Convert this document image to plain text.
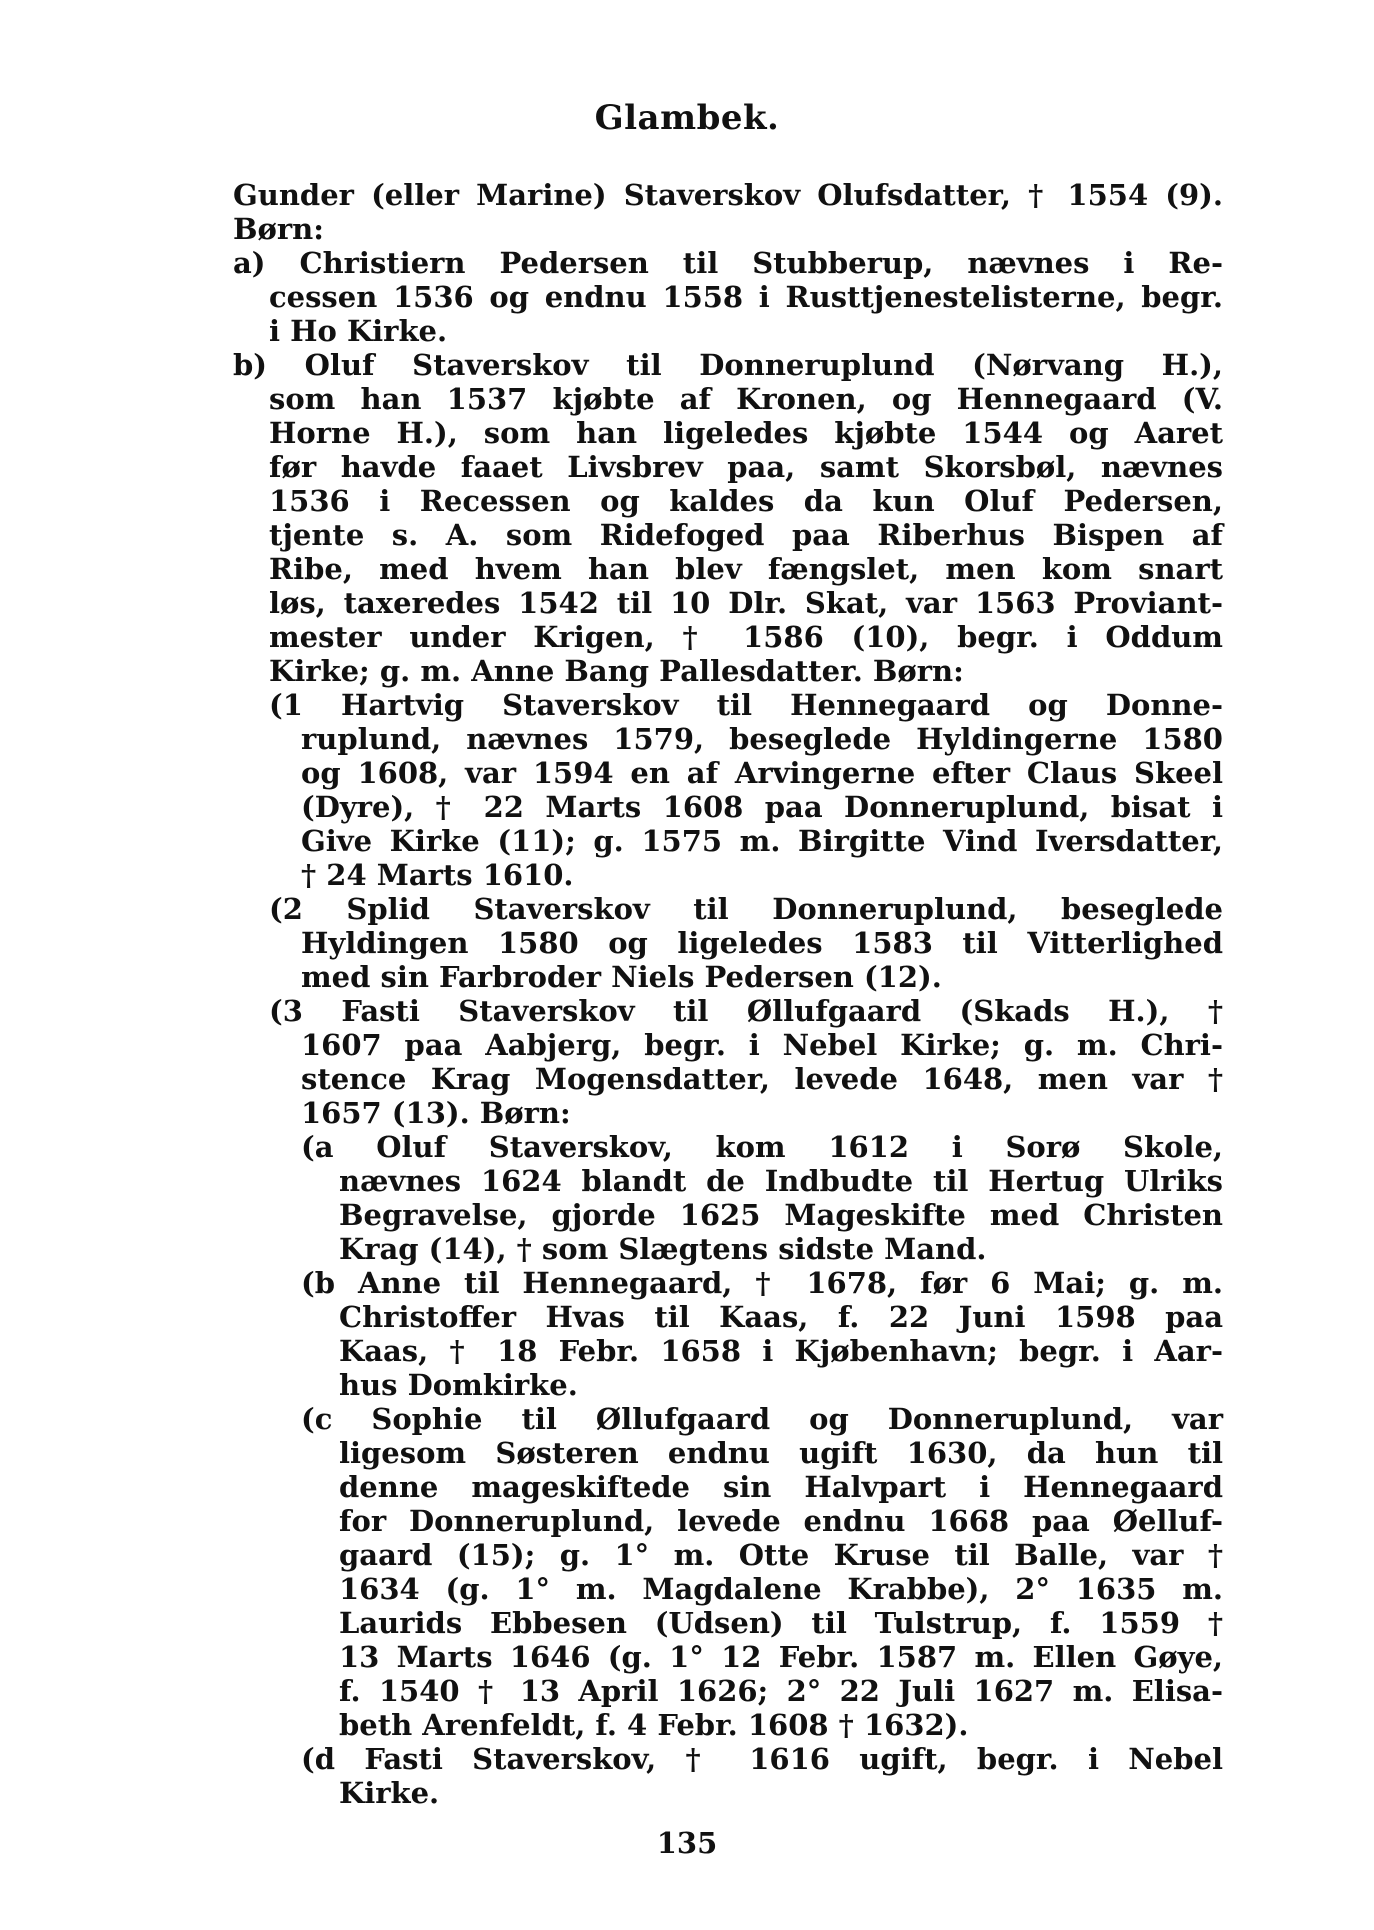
Glambek.
Gunder (eller Marine) Staverskov Olufsdatter, † 1554 (9).
Børn:
a) Christiern Pedersen til Stubberup, nævnes i Re-
cessen 1536 og endnu 1558 i Rusttjenestelisterne, begr.
i Ho Kirke.
b) Oluf Staverskov til Donneruplund (Nørvang H.),
som han 1537 kjøbte af Kronen, og Hennegaard (V.
Horne H.), som han ligeledes kjøbte 1544 og Aaret
før havde faaet Livsbrev paa, samt Skorsbøl, nævnes
1536 i Recessen og kaldes da kun Oluf Pedersen,
tjente s. A. som Ridefoged paa Riberhus Bispen af
Ribe, med hvem han blev fængslet, men kom snart
løs, taxeredes 1542 til 10 Dlr. Skat, var 1563 Proviant-
mester under Krigen, † 1586 (10), begr. i Oddum
Kirke; g. m. Anne Bang Pallesdatter. Børn:
(1 Hartvig Staverskov til Hennegaard og Donne-
ruplund, nævnes 1579, beseglede Hyldingerne 1580
og 1608, var 1594 en af Arvingerne efter Claus Skeel
(Dyre), † 22 Marts 1608 paa Donneruplund, bisat i
Give Kirke (11); g. 1575 m. Birgitte Vind Iversdatter,
† 24 Marts 1610.
(2 Splid Staverskov til Donneruplund, beseglede
Hyldingen 1580 og ligeledes 1583 til Vitterlighed
med sin Farbroder Niels Pedersen (12).
(3 Fasti Staverskov til Øllufgaard (Skads H.), †
1607 paa Aabjerg, begr. i Nebel Kirke; g. m. Chri-
stence Krag Mogensdatter, levede 1648, men var †
1657 (13). Børn:
(a Oluf Staverskov, kom 1612 i Sorø Skole,
nævnes 1624 blandt de Indbudte til Hertug Ulriks
Begravelse, gjorde 1625 Mageskifte med Christen
Krag (14), † som Slægtens sidste Mand.
(b Anne til Hennegaard, † 1678, før 6 Mai; g. m.
Christoffer Hvas til Kaas, f. 22 Juni 1598 paa
Kaas, † 18 Febr. 1658 i Kjøbenhavn; begr. i Aar-
hus Domkirke.
(c Sophie til Øllufgaard og Donneruplund, var
ligesom Søsteren endnu ugift 1630, da hun til
denne mageskiftede sin Halvpart i Hennegaard
for Donneruplund, levede endnu 1668 paa Øelluf-
gaard (15); g. 1° m. Otte Kruse til Balle, var †
1634 (g. 1° m. Magdalene Krabbe), 2° 1635 m.
Laurids Ebbesen (Udsen) til Tulstrup, f. 1559 †
13 Marts 1646 (g. 1° 12 Febr. 1587 m. Ellen Gøye,
f. 1540 † 13 April 1626; 2° 22 Juli 1627 m. Elisa-
beth Arenfeldt, f. 4 Febr. 1608 † 1632).
(d Fasti Staverskov, † 1616 ugift, begr. i Nebel
Kirke.
135
